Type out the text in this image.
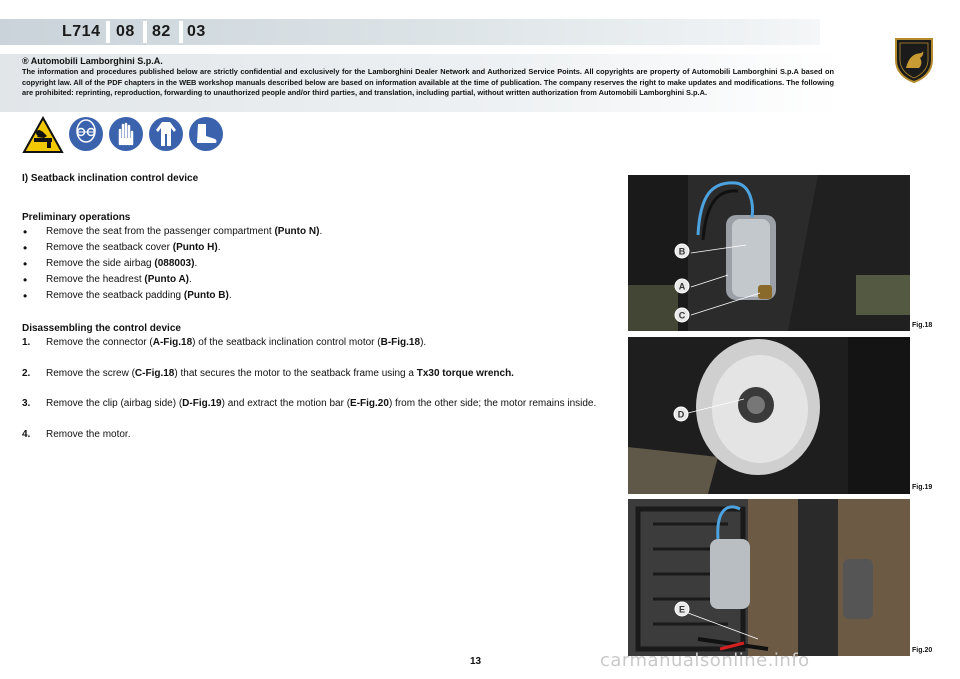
L714 08 82 03
® Automobili Lamborghini S.p.A.
The information and procedures published below are strictly confidential and exclusively for the Lamborghini Dealer Network and Authorized Service Points. All copyrights are property of Automobili Lamborghini S.p.A based on copyright law. All of the PDF chapters in the WEB workshop manuals described below are based on information available at the time of publication. The company reserves the right to make updates and modifications. The following are prohibited: reprinting, reproduction, forwarding to unauthorized people and/or third parties, and translation, including partial, without written authorization from Automobili Lamborghini S.p.A.
I) Seatback inclination control device
Preliminary operations
• Remove the seat from the passenger compartment (Punto N).
• Remove the seatback cover (Punto H).
• Remove the side airbag (088003).
• Remove the headrest (Punto A).
• Remove the seatback padding (Punto B).
Disassembling the control device
1. Remove the connector (A-Fig.18) of the seatback inclination control motor (B-Fig.18).
2. Remove the screw (C-Fig.18) that secures the motor to the seatback frame using a Tx30 torque wrench.
3. Remove the clip (airbag side) (D-Fig.19) and extract the motion bar (E-Fig.20) from the other side; the motor remains inside.
4. Remove the motor.
B
A
C
Fig.18
D
Fig.19
E
Fig.20
13	carmanualsonline.info
